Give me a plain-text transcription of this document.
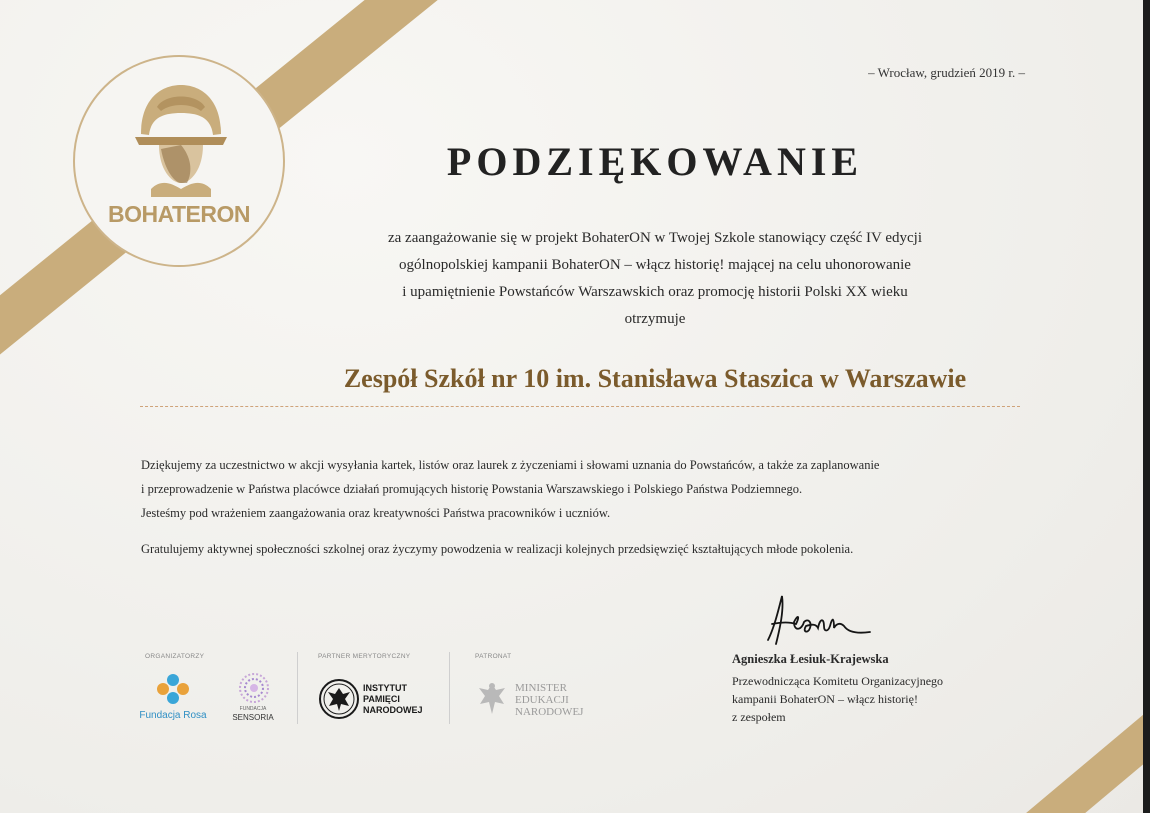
BOHATERON
– Wrocław, grudzień 2019 r. –
PODZIĘKOWANIE
za zaangażowanie się w projekt BohaterON w Twojej Szkole stanowiący część IV edycji
ogólnopolskiej kampanii BohaterON – włącz historię! mającej na celu uhonorowanie
i upamiętnienie Powstańców Warszawskich oraz promocję historii Polski XX wieku
otrzymuje
Zespół Szkół nr 10 im. Stanisława Staszica w Warszawie

Dziękujemy za uczestnictwo w akcji wysyłania kartek, listów oraz laurek z życzeniami i słowami uznania do Powstańców, a także za zaplanowanie

i przeprowadzenie w Państwa placówce działań promujących historię Powstania Warszawskiego i Polskiego Państwa Podziemnego.

Jesteśmy pod wrażeniem zaangażowania oraz kreatywności Państwa pracowników i uczniów.

Gratulujemy aktywnej społeczności szkolnej oraz życzymy powodzenia w realizacji kolejnych przedsięwzięć kształtujących młode pokolenia.

Agnieszka Łesiuk-Krajewska
Przewodnicząca Komitetu Organizacyjnego
kampanii BohaterON – włącz historię!
z zespołem
ORGANIZATORZY	PARTNER MERYTORYCZNY	PATRONAT
Fundacja Rosa
FUNDACJA
SENSORIA
INSTYTUT
PAMIĘCI
NARODOWEJ
MINISTER
EDUKACJI
NARODOWEJ
